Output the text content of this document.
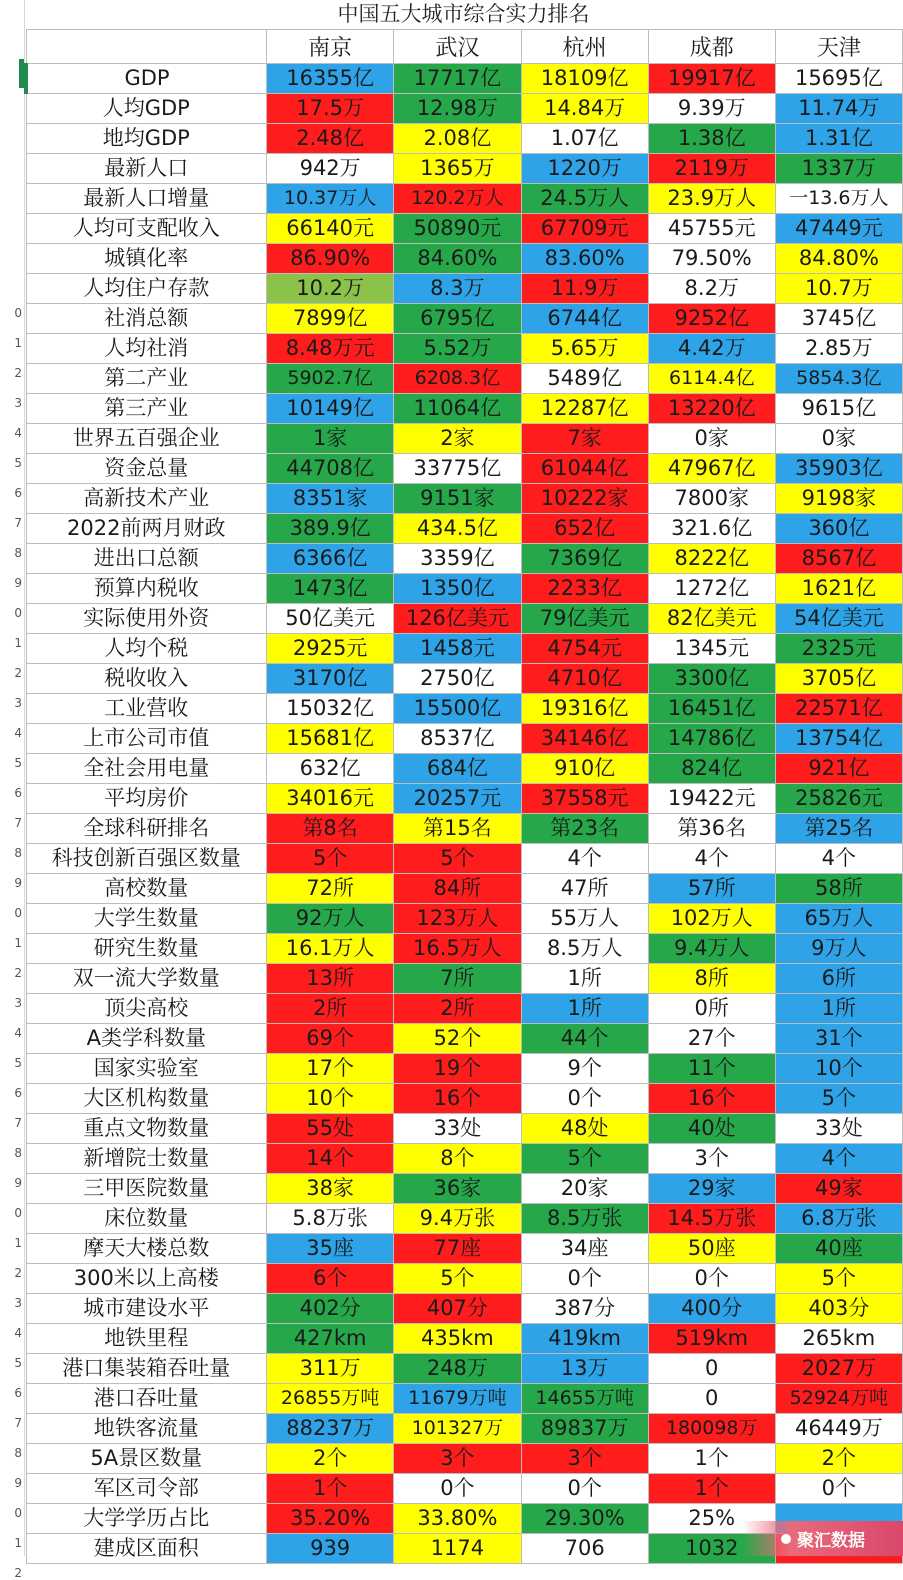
0
1
2
3
4
5
6
7
8
9
0
1
2
3
4
5
6
7
8
9
0
1
2
3
4
5
6
7
8
9
0
1
2
3
4
5
6
7
8
9
0
1
2
中国五大城市综合实力排名
	南京	武汉	杭州	成都	天津
GDP	16355亿	17717亿	18109亿	19917亿	15695亿
人均GDP	17.5万	12.98万	14.84万	9.39万	11.74万
地均GDP	2.48亿	2.08亿	1.07亿	1.38亿	1.31亿
最新人口	942万	1365万	1220万	2119万	1337万
最新人口增量	10.37万人	120.2万人	24.5万人	23.9万人	一13.6万人
人均可支配收入	66140元	50890元	67709元	45755元	47449元
城镇化率	86.90%	84.60%	83.60%	79.50%	84.80%
人均住户存款	10.2万	8.3万	11.9万	8.2万	10.7万
社消总额	7899亿	6795亿	6744亿	9252亿	3745亿
人均社消	8.48万元	5.52万	5.65万	4.42万	2.85万
第二产业	5902.7亿	6208.3亿	5489亿	6114.4亿	5854.3亿
第三产业	10149亿	11064亿	12287亿	13220亿	9615亿
世界五百强企业	1家	2家	7家	0家	0家
资金总量	44708亿	33775亿	61044亿	47967亿	35903亿
高新技术产业	8351家	9151家	10222家	7800家	9198家
2022前两月财政	389.9亿	434.5亿	652亿	321.6亿	360亿
进出口总额	6366亿	3359亿	7369亿	8222亿	8567亿
预算内税收	1473亿	1350亿	2233亿	1272亿	1621亿
实际使用外资	50亿美元	126亿美元	79亿美元	82亿美元	54亿美元
人均个税	2925元	1458元	4754元	1345元	2325元
税收收入	3170亿	2750亿	4710亿	3300亿	3705亿
工业营收	15032亿	15500亿	19316亿	16451亿	22571亿
上市公司市值	15681亿	8537亿	34146亿	14786亿	13754亿
全社会用电量	632亿	684亿	910亿	824亿	921亿
平均房价	34016元	20257元	37558元	19422元	25826元
全球科研排名	第8名	第15名	第23名	第36名	第25名
科技创新百强区数量	5个	5个	4个	4个	4个
高校数量	72所	84所	47所	57所	58所
大学生数量	92万人	123万人	55万人	102万人	65万人
研究生数量	16.1万人	16.5万人	8.5万人	9.4万人	9万人
双一流大学数量	13所	7所	1所	8所	6所
顶尖高校	2所	2所	1所	0所	1所
A类学科数量	69个	52个	44个	27个	31个
国家实验室	17个	19个	9个	11个	10个
大区机构数量	10个	16个	0个	16个	5个
重点文物数量	55处	33处	48处	40处	33处
新增院士数量	14个	8个	5个	3个	4个
三甲医院数量	38家	36家	20家	29家	49家
床位数量	5.8万张	9.4万张	8.5万张	14.5万张	6.8万张
摩天大楼总数	35座	77座	34座	50座	40座
300米以上高楼	6个	5个	0个	0个	5个
城市建设水平	402分	407分	387分	400分	403分
地铁里程	427km	435km	419km	519km	265km
港口集装箱吞吐量	311万	248万	13万	0	2027万
港口吞吐量	26855万吨	11679万吨	14655万吨	0	52924万吨
地铁客流量	88237万	101327万	89837万	180098万	46449万
5A景区数量	2个	3个	3个	1个	2个
军区司令部	1个	0个	0个	1个	0个
大学学历占比	35.20%	33.80%	29.30%	25%	
建成区面积	939	1174	706	1032		聚汇数据
